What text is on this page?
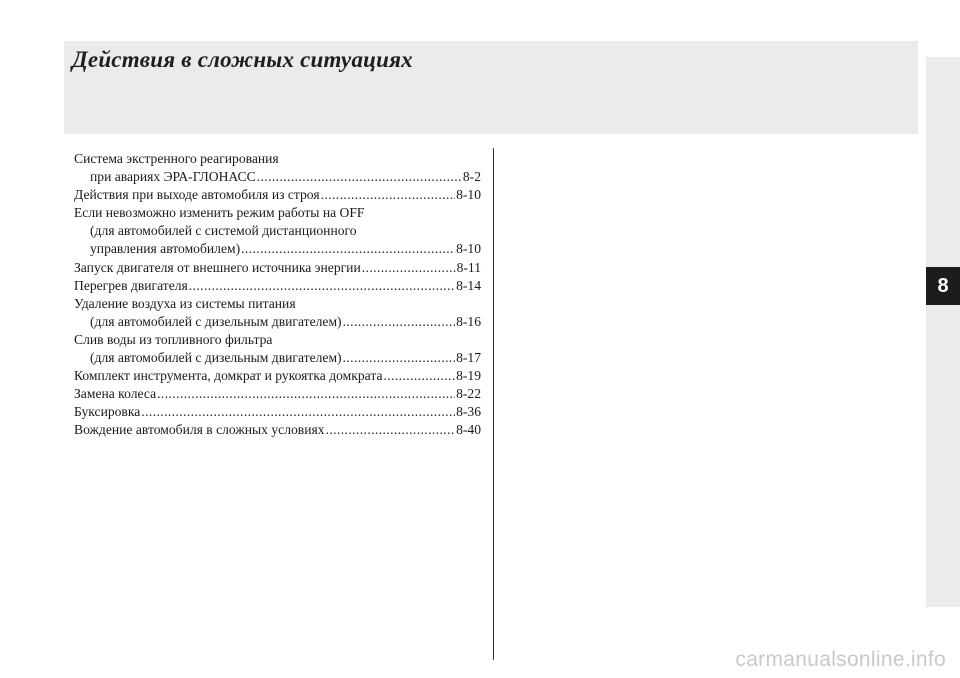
Действия в сложных ситуациях
8
Система экстренного реагирования
при авариях ЭРА-ГЛОНАСС .....	8-2
Действия при выходе автомобиля из строя .....	8-10
Если невозможно изменить режим работы на OFF
(для автомобилей с системой дистанционного
управления автомобилем) .....	8-10
Запуск двигателя от внешнего источника энергии .....	8-11
Перегрев двигателя .....	8-14
Удаление воздуха из системы питания
(для автомобилей с дизельным двигателем) .....	8-16
Слив воды из топливного фильтра
(для автомобилей с дизельным двигателем) .....	8-17
Комплект инструмента, домкрат и рукоятка домкрата .....	8-19
Замена колеса .....	8-22
Буксировка .....	8-36
Вождение автомобиля в сложных условиях .....	8-40
carmanualsonline.info
